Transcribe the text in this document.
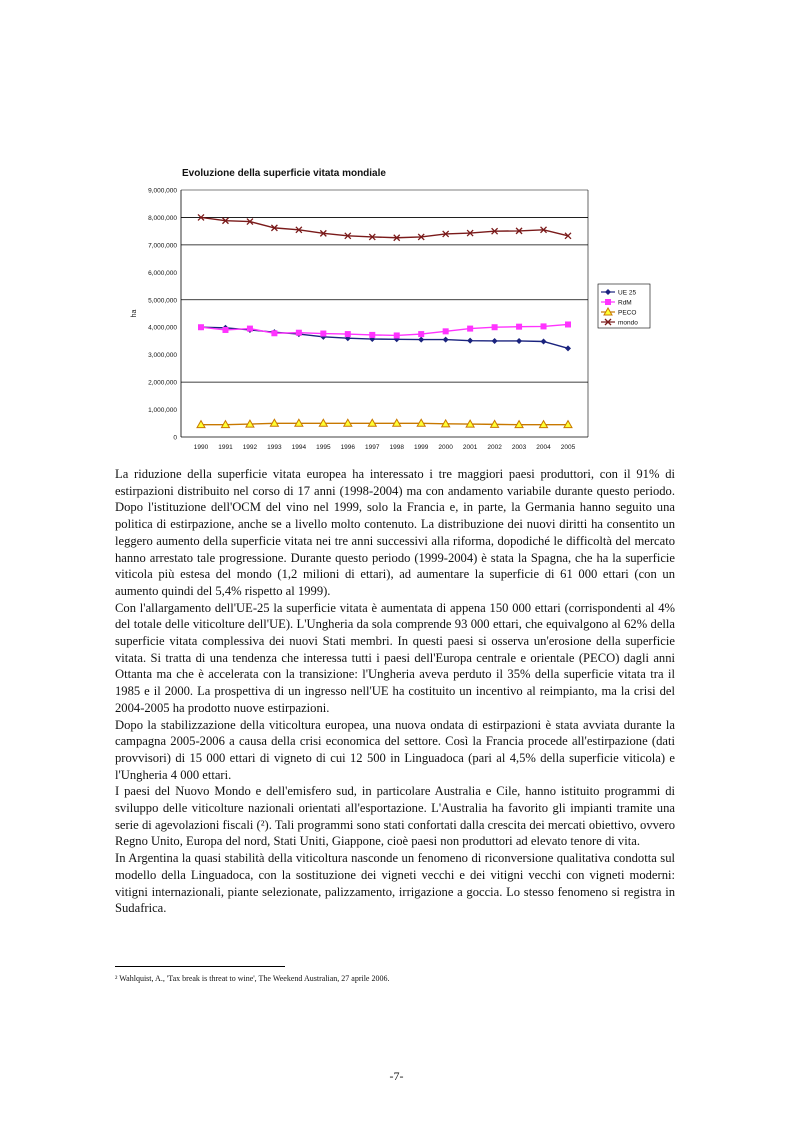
Evoluzione della superficie vitata mondiale
0
1,000,000
2,000,000
3,000,000
4,000,000
5,000,000
6,000,000
7,000,000
8,000,000
9,000,000
ha
1990 1991 1992 1993 1994 1995 1996 1997 1998 1999 2000 2001 2002 2003 2004 2005
UE 25
RdM
PECO
mondo

La riduzione della superficie vitata europea ha interessato i tre maggiori paesi produttori, con il 91% di estirpazioni distribuito nel corso di 17 anni (1998-2004) ma con andamento variabile durante questo periodo. Dopo l'istituzione dell'OCM del vino nel 1999, solo la Francia e, in parte, la Germania hanno seguito una politica di estirpazione, anche se a livello molto contenuto. La distribuzione dei nuovi diritti ha consentito un leggero aumento della superficie vitata nei tre anni successivi alla riforma, dopodiché le difficoltà del mercato hanno arrestato tale progressione. Durante questo periodo (1999-2004) è stata la Spagna, che ha la superficie viticola più estesa del mondo (1,2 milioni di ettari), ad aumentare la superficie di 61 000 ettari (con un aumento quindi del 5,4% rispetto al 1999).

Con l'allargamento dell'UE-25 la superficie vitata è aumentata di appena 150 000 ettari (corrispondenti al 4% del totale delle viticolture dell'UE). L'Ungheria da sola comprende 93 000 ettari, che equivalgono al 62% della superficie vitata complessiva dei nuovi Stati membri. In questi paesi si osserva un'erosione della superficie vitata. Si tratta di una tendenza che interessa tutti i paesi dell'Europa centrale e orientale (PECO) dagli anni Ottanta ma che è accelerata con la transizione: l'Ungheria aveva perduto il 35% della superficie vitata tra il 1985 e il 2000. La prospettiva di un ingresso nell'UE ha costituito un incentivo al reimpianto, ma la crisi del 2004-2005 ha prodotto nuove estirpazioni.

Dopo la stabilizzazione della viticoltura europea, una nuova ondata di estirpazioni è stata avviata durante la campagna 2005-2006 a causa della crisi economica del settore. Così la Francia procede all'estirpazione (dati provvisori) di 15 000 ettari di vigneto di cui 12 500 in Linguadoca (pari al 4,5% della superficie viticola) e l'Ungheria 4 000 ettari.

I paesi del Nuovo Mondo e dell'emisfero sud, in particolare Australia e Cile, hanno istituito programmi di sviluppo delle viticolture nazionali orientati all'esportazione. L'Australia ha favorito gli impianti tramite una serie di agevolazioni fiscali (²). Tali programmi sono stati confortati dalla crescita dei mercati obiettivo, ovvero Regno Unito, Europa del nord, Stati Uniti, Giappone, cioè paesi non produttori ad elevato tenore di vita.

In Argentina la quasi stabilità della viticoltura nasconde un fenomeno di riconversione qualitativa condotta sul modello della Linguadoca, con la sostituzione dei vigneti vecchi e dei vitigni vecchi con vigneti moderni: vitigni internazionali, piante selezionate, palizzamento, irrigazione a goccia. Lo stesso fenomeno si registra in Sudafrica.

² Wahlquist, A., 'Tax break is threat to wine', The Weekend Australian, 27 aprile 2006.
-7-
